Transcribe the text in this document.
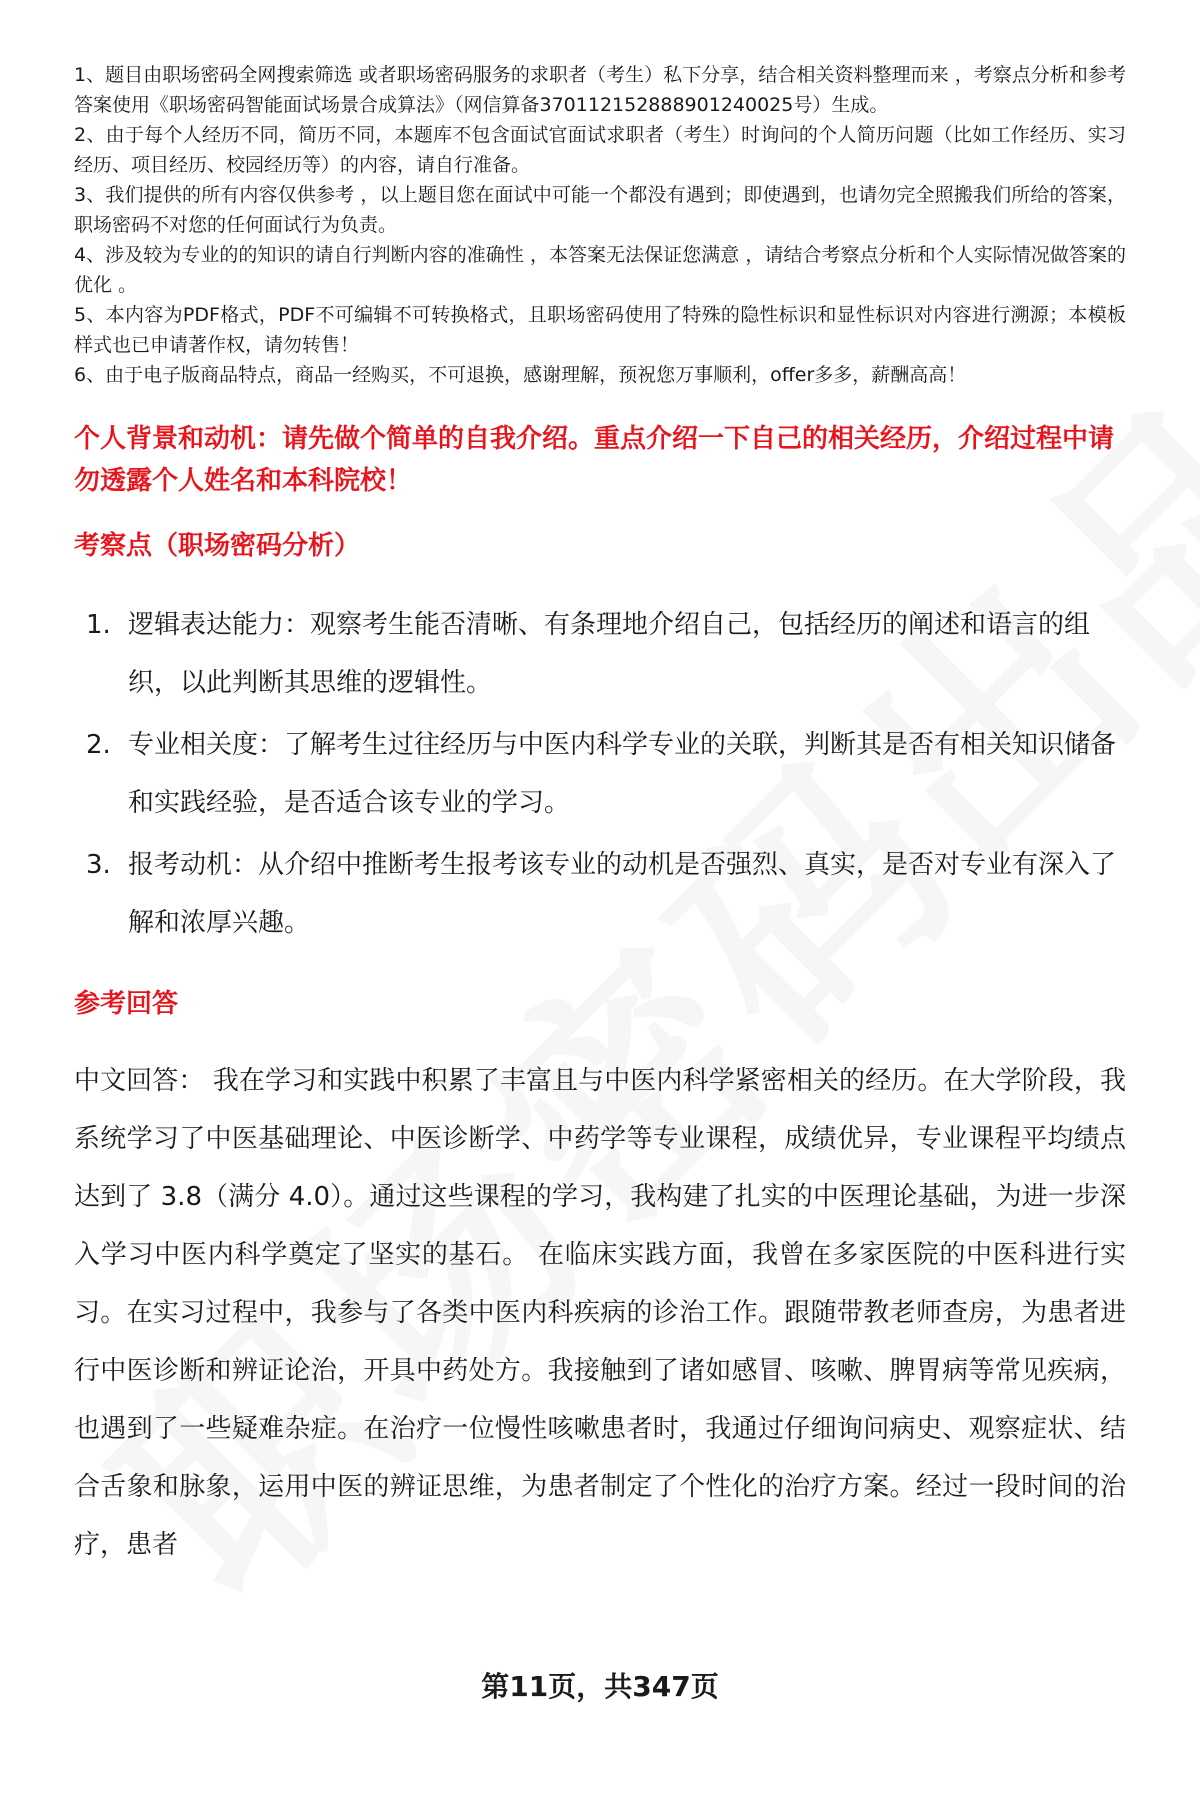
1、题目由职场密码全网搜索筛选 或者职场密码服务的求职者（考生）私下分享，结合相关资料整理而来 ，考察点分析和参考答案使用《职场密码智能面试场景合成算法》（网信算备370112152888901240025号）生成。
2、由于每个人经历不同，简历不同，本题库不包含面试官面试求职者（考生）时询问的个人简历问题（比如工作经历、实习经历、项目经历、校园经历等）的内容，请自行准备。
3、我们提供的所有内容仅供参考 ，以上题目您在面试中可能一个都没有遇到；即使遇到，也请勿完全照搬我们所给的答案，职场密码不对您的任何面试行为负责。
4、涉及较为专业的的知识的请自行判断内容的准确性 ，本答案无法保证您满意 ，请结合考察点分析和个人实际情况做答案的优化 。
5、本内容为PDF格式，PDF不可编辑不可转换格式，且职场密码使用了特殊的隐性标识和显性标识对内容进行溯源；本模板样式也已申请著作权，请勿转售！
6、由于电子版商品特点，商品一经购买，不可退换，感谢理解，预祝您万事顺利，offer多多，薪酬高高！
个人背景和动机：请先做个简单的自我介绍。重点介绍一下自己的相关经历，介绍过程中请勿透露个人姓名和本科院校！
考察点（职场密码分析）
1. 逻辑表达能力：观察考生能否清晰、有条理地介绍自己，包括经历的阐述和语言的组织，以此判断其思维的逻辑性。
2. 专业相关度：了解考生过往经历与中医内科学专业的关联，判断其是否有相关知识储备和实践经验，是否适合该专业的学习。
3. 报考动机：从介绍中推断考生报考该专业的动机是否强烈、真实，是否对专业有深入了解和浓厚兴趣。
参考回答
中文回答： 我在学习和实践中积累了丰富且与中医内科学紧密相关的经历。在大学阶段，我系统学习了中医基础理论、中医诊断学、中药学等专业课程，成绩优异，专业课程平均绩点达到了 3.8（满分 4.0）。通过这些课程的学习，我构建了扎实的中医理论基础，为进一步深入学习中医内科学奠定了坚实的基石。 在临床实践方面，我曾在多家医院的中医科进行实习。在实习过程中，我参与了各类中医内科疾病的诊治工作。跟随带教老师查房，为患者进行中医诊断和辨证论治，开具中药处方。我接触到了诸如感冒、咳嗽、脾胃病等常见疾病，也遇到了一些疑难杂症。在治疗一位慢性咳嗽患者时，我通过仔细询问病史、观察症状、结合舌象和脉象，运用中医的辨证思维，为患者制定了个性化的治疗方案。经过一段时间的治疗，患者
第11页，共347页
